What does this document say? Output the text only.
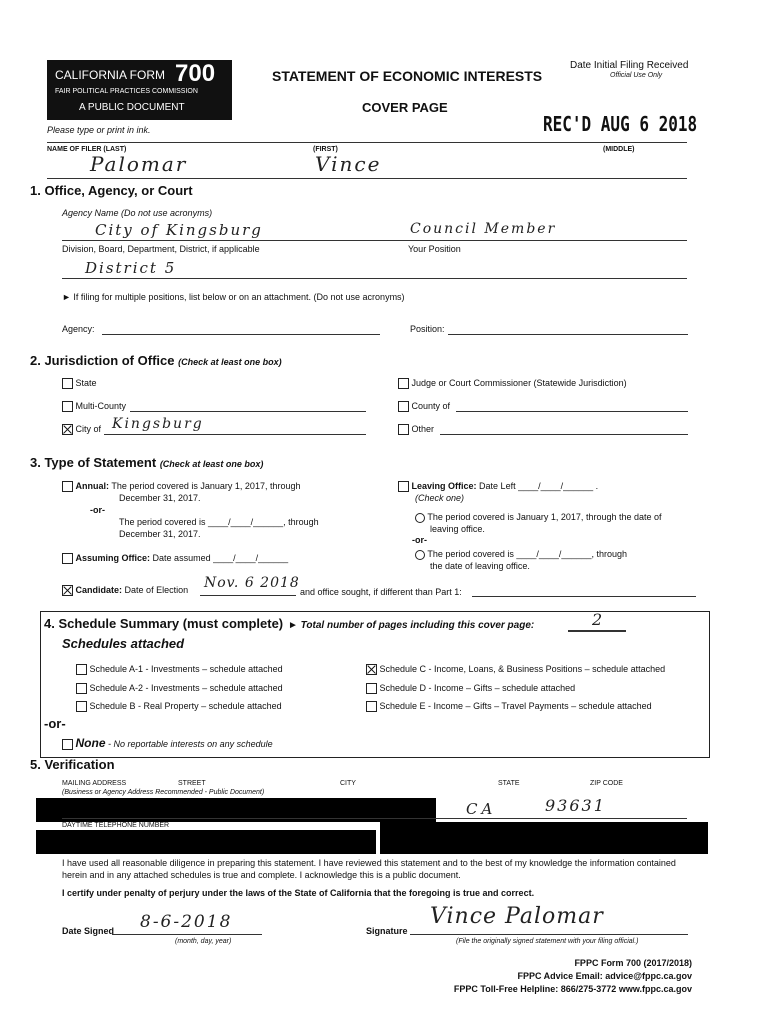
CALIFORNIA FORM 700
FAIR POLITICAL PRACTICES COMMISSION
A PUBLIC DOCUMENT
STATEMENT OF ECONOMIC INTERESTS
COVER PAGE
Date Initial Filing Received
Official Use Only
REC'D AUG 6 2018
Please type or print in ink.
NAME OF FILER (LAST)	(FIRST)	(MIDDLE)
Palomar	Vince
1. Office, Agency, or Court
Agency Name (Do not use acronyms)
City of Kingsburg	Council Member
Division, Board, Department, District, if applicable	Your Position
District 5
► If filing for multiple positions, list below or on an attachment. (Do not use acronyms)
Agency:	Position:
2. Jurisdiction of Office (Check at least one box)
State	Judge or Court Commissioner (Statewide Jurisdiction)
Multi-County	County of
City of Kingsburg	Other
3. Type of Statement (Check at least one box)
Annual: The period covered is January 1, 2017, through
December 31, 2017.
-or-
The period covered is ____/____/______, through
December 31, 2017.
Assuming Office: Date assumed ____/____/______
Leaving Office: Date Left ____/____/______ .
(Check one)
The period covered is January 1, 2017, through the date of
leaving office.
-or-
The period covered is ____/____/______, through
the date of leaving office.
Candidate: Date of Election Nov. 6 2018
and office sought, if different than Part 1:
4. Schedule Summary (must complete) ► Total number of pages including this cover page:	2
Schedules attached
Schedule A-1 - Investments – schedule attached
Schedule A-2 - Investments – schedule attached
Schedule B - Real Property – schedule attached
Schedule C - Income, Loans, & Business Positions – schedule attached
Schedule D - Income – Gifts – schedule attached
Schedule E - Income – Gifts – Travel Payments – schedule attached
-or-
None - No reportable interests on any schedule
5. Verification
MAILING ADDRESS	STREET	CITY	STATE	ZIP CODE
(Business or Agency Address Recommended - Public Document)
CA	93631
DAYTIME TELEPHONE NUMBER
I have used all reasonable diligence in preparing this statement. I have reviewed this statement and to the best of my knowledge the information contained herein and in any attached schedules is true and complete. I acknowledge this is a public document.
I certify under penalty of perjury under the laws of the State of California that the foregoing is true and correct.
Date Signed 8-6-2018
(month, day, year)
Signature
Vince Palomar
(File the originally signed statement with your filing official.)
FPPC Form 700 (2017/2018)
FPPC Advice Email: advice@fppc.ca.gov
FPPC Toll-Free Helpline: 866/275-3772 www.fppc.ca.gov
